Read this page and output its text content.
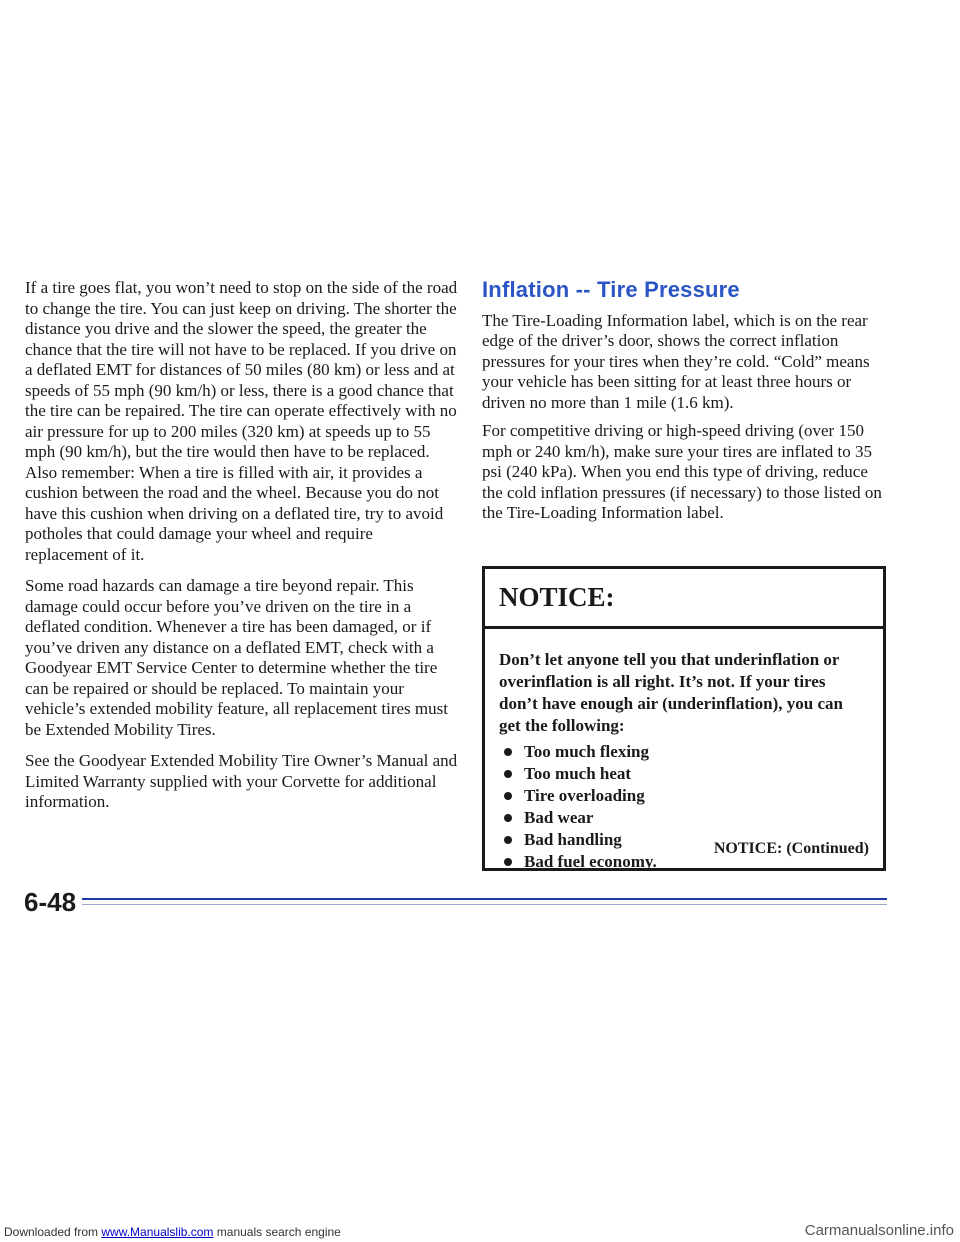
If a tire goes flat, you won’t need to stop on the side of the road to change the tire. You can just keep on driving. The shorter the distance you drive and the slower the speed, the greater the chance that the tire will not have to be replaced. If you drive on a deflated EMT for distances of 50 miles (80 km) or less and at speeds of 55 mph (90 km/h) or less, there is a good chance that the tire can be repaired. The tire can operate effectively with no air pressure for up to 200 miles (320 km) at speeds up to 55 mph (90 km/h), but the tire would then have to be replaced. Also remember: When a tire is filled with air, it provides a cushion between the road and the wheel. Because you do not have this cushion when driving on a deflated tire, try to avoid potholes that could damage your wheel and require replacement of it.

Some road hazards can damage a tire beyond repair. This damage could occur before you’ve driven on the tire in a deflated condition. Whenever a tire has been damaged, or if you’ve driven any distance on a deflated EMT, check with a Goodyear EMT Service Center to determine whether the tire can be repaired or should be replaced. To maintain your vehicle’s extended mobility feature, all replacement tires must be Extended Mobility Tires.

See the Goodyear Extended Mobility Tire Owner’s Manual and Limited Warranty supplied with your Corvette for additional information.

Inflation -- Tire Pressure

The Tire-Loading Information label, which is on the rear edge of the driver’s door, shows the correct inflation pressures for your tires when they’re cold. “Cold” means your vehicle has been sitting for at least three hours or driven no more than 1 mile (1.6 km).

For competitive driving or high-speed driving (over 150 mph or 240 km/h), make sure your tires are inflated to 35 psi (240 kPa). When you end this type of driving, reduce the cold inflation pressures (if necessary) to those listed on the Tire-Loading Information label.

NOTICE:

Don’t let anyone tell you that underinflation or overinflation is all right. It’s not. If your tires don’t have enough air (underinflation), you can get the following:

Too much flexing
Too much heat
Tire overloading
Bad wear
Bad handling
Bad fuel economy.
NOTICE: (Continued)
6-48
Downloaded from www.Manualslib.com manuals search engine	Carmanualsonline.info
